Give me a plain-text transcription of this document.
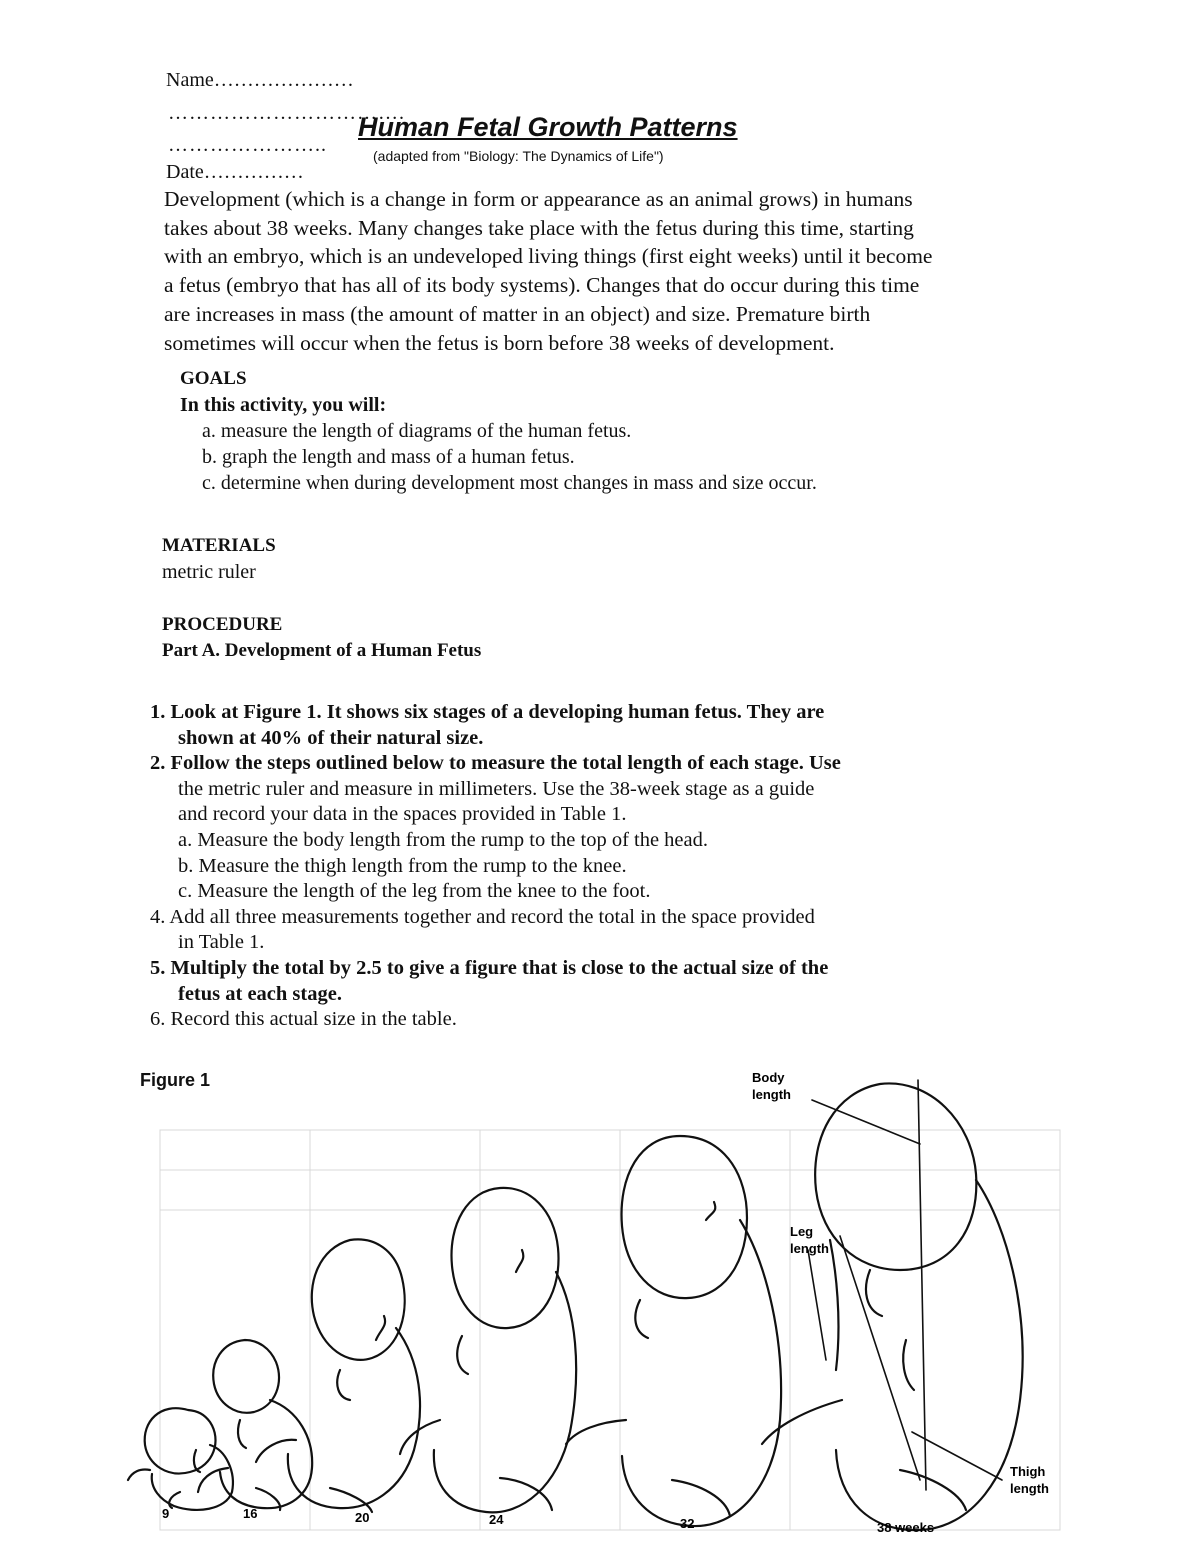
Name…………………
…………………………….
…………………..
Date……………
Human Fetal Growth Patterns
(adapted from "Biology: The Dynamics of Life")

Development (which is a change in form or appearance as an animal grows) in humans

takes about 38 weeks. Many changes take place with the fetus during this time, starting

with an embryo, which is an undeveloped living things (first eight weeks) until it become

a fetus (embryo that has all of its body systems). Changes that do occur during this time

are increases in mass (the amount of matter in an object) and size. Premature birth

sometimes will occur when the fetus is born before 38 weeks of development.

GOALS
In this activity, you will:
a. measure the length of diagrams of the human fetus.
b. graph the length and mass of a human fetus.
c. determine when during development most changes in mass and size occur.
MATERIALS
metric ruler
PROCEDURE
Part A. Development of a Human Fetus
1. Look at Figure 1. It shows six stages of a developing human fetus. They are
shown at 40% of their natural size.
2. Follow the steps outlined below to measure the total length of each stage. Use
the metric ruler and measure in millimeters. Use the 38-week stage as a guide
and record your data in the spaces provided in Table 1.
a. Measure the body length from the rump to the top of the head.
b. Measure the thigh length from the rump to the knee.
c. Measure the length of the leg from the knee to the foot.
4. Add all three measurements together and record the total in the space provided
in Table 1.
5. Multiply the total by 2.5 to give a figure that is close to the actual size of the
fetus at each stage.
6. Record this actual size in the table.
Figure 1	Body length
Leg length
Thigh length
9	16	20	24	32	38 weeks
